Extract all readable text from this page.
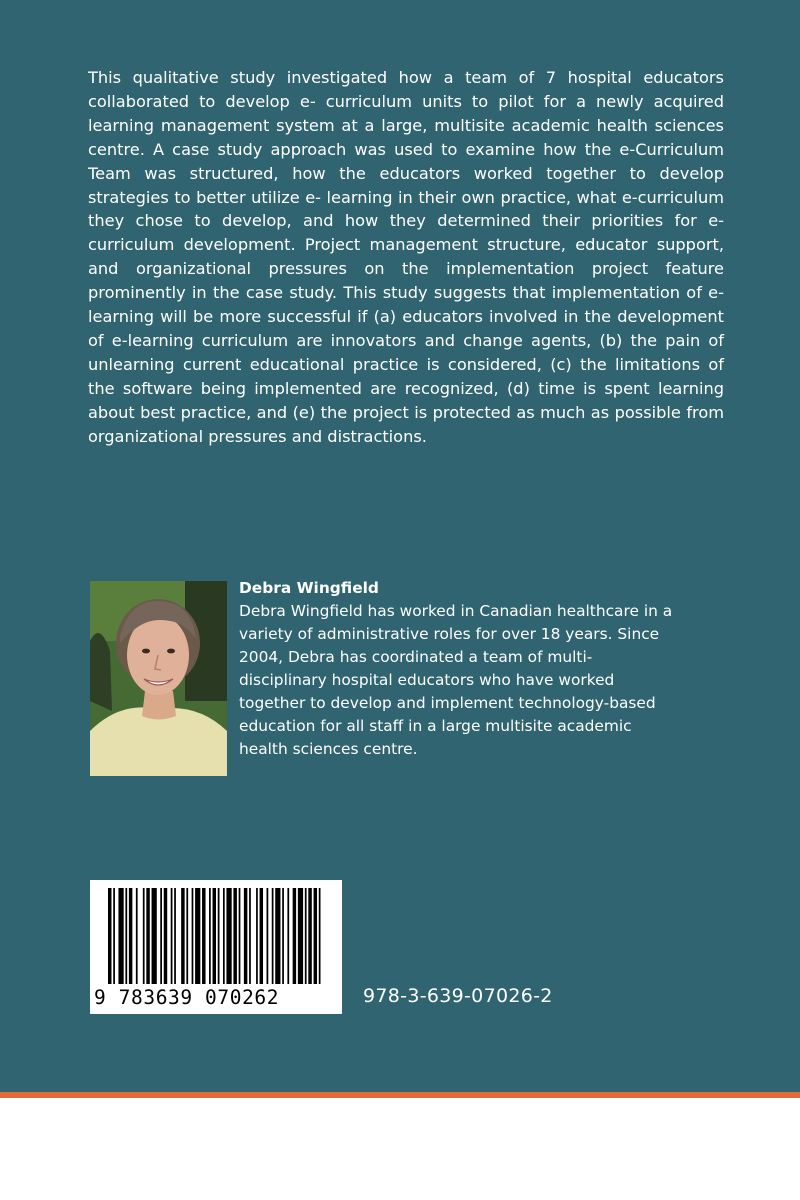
This qualitative study investigated how a team of 7 hospital educators collaborated to develop e- curriculum units to pilot for a newly acquired learning management system at a large, multisite academic health sciences centre. A case study approach was used to examine how the e-Curriculum Team was structured, how the educators worked together to develop strategies to better utilize e- learning in their own practice, what e-curriculum they chose to develop, and how they determined their priorities for e-curriculum development. Project management structure, educator support, and organizational pressures on the implementation project feature prominently in the case study. This study suggests that implementation of e-learning will be more successful if (a) educators involved in the development of e-learning curriculum are innovators and change agents, (b) the pain of unlearning current educational practice is considered, (c) the limitations of the software being implemented are recognized, (d) time is spent learning about best practice, and (e) the project is protected as much as possible from organizational pressures and distractions.

Debra Wingfield

Debra Wingfield has worked in Canadian healthcare in a variety of administrative roles for over 18 years. Since 2004, Debra has coordinated a team of multi-disciplinary hospital educators who have worked together to develop and implement technology-based education for all staff in a large multisite academic health sciences centre.

9 783639 070262	978-3-639-07026-2
